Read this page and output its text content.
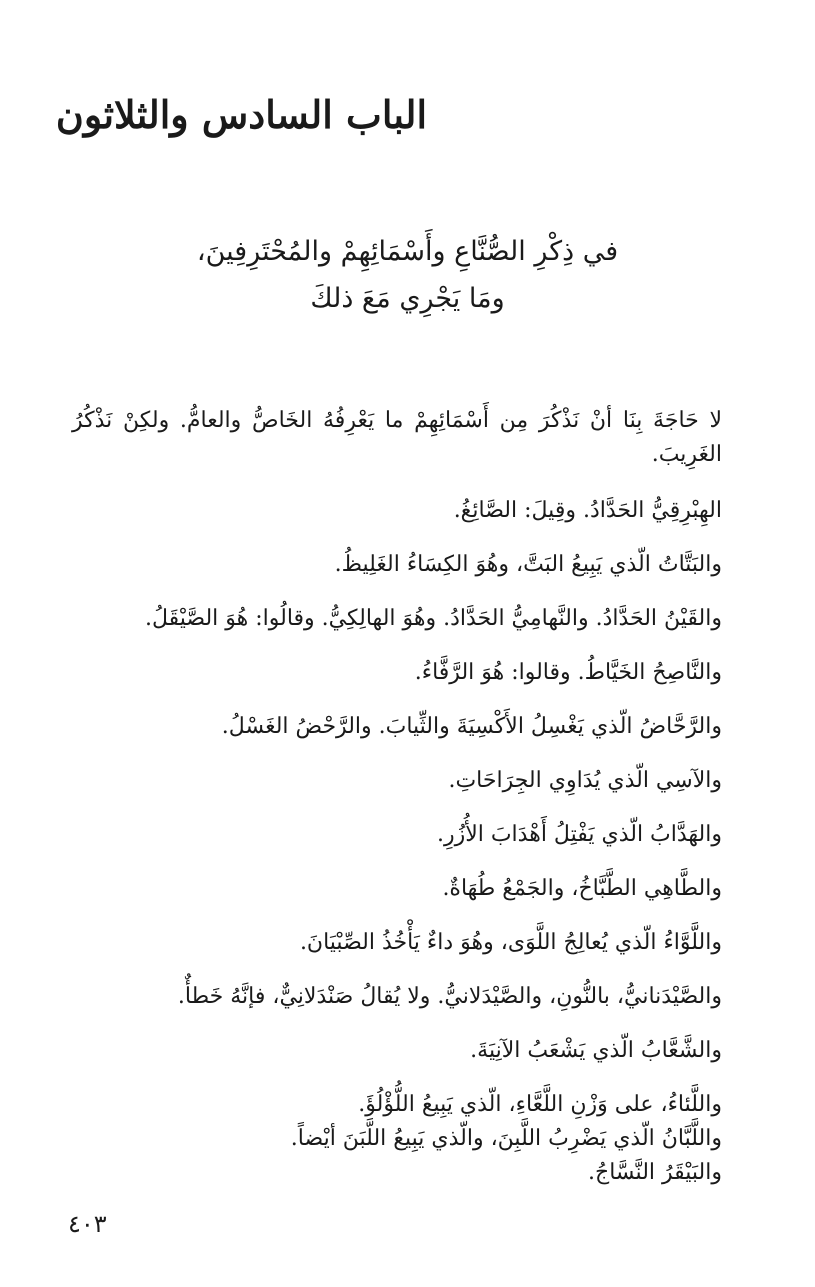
الباب السادس والثلاثون

في ذِكْرِ الصُّنَّاعِ وأَسْمَائِهِمْ والمُحْتَرِفِينَ،

ومَا يَجْرِي مَعَ ذلكَ

لا حَاجَةَ بِنَا أنْ نَذْكُرَ مِن أَسْمَائِهِمْ ما يَعْرِفُهُ الخَاصُّ والعامُّ. ولكِنْ نَذْكُرُ الغَرِيبَ.

الهِبْرِقِيُّ الحَدَّادُ. وقِيلَ: الصَّائِغُ.

والبَتَّاتُ الّذي يَبِيعُ البَتَّ، وهُوَ الكِسَاءُ الغَلِيظُ.

والقَيْنُ الحَدَّادُ. والنَّهامِيُّ الحَدَّادُ. وهُوَ الهالِكِيُّ. وقالُوا: هُوَ الصَّيْقَلُ.

والنَّاصِحُ الخَيَّاطُ. وقالوا: هُوَ الرَّفَّاءُ.

والرَّحَّاضُ الّذي يَغْسِلُ الأَكْسِيَةَ والثِّيابَ. والرَّحْضُ الغَسْلُ.

والآسِي الّذي يُدَاوِي الجِرَاحَاتِ.

والهَدَّابُ الّذي يَفْتِلُ أَهْدَابَ الأُزُرِ.

والطَّاهِي الطَّبَّاخُ، والجَمْعُ طُهَاةٌ.

واللَّوَّاءُ الّذي يُعالِجُ اللَّوَى، وهُوَ داءٌ يَأْخُذُ الصِّبْيَانَ.

والصَّيْدَنانيُّ، بالنُّونِ، والصَّيْدَلانيُّ. ولا يُقالُ صَنْدَلانِيٌّ، فإنَّهُ خَطأٌ.

والشَّعَّابُ الّذي يَشْعَبُ الآنِيَةَ.

واللَّئاءُ، على وَزْنِ اللَّعَّاءِ، الّذي يَبِيعُ اللُّؤْلُؤَ.

واللَّبَّانُ الّذي يَضْرِبُ اللَّبِنَ، والّذي يَبِيعُ اللَّبَنَ أيْضاً.

والبَيْقَرُ النَّسَّاجُ.

٤٠٣
